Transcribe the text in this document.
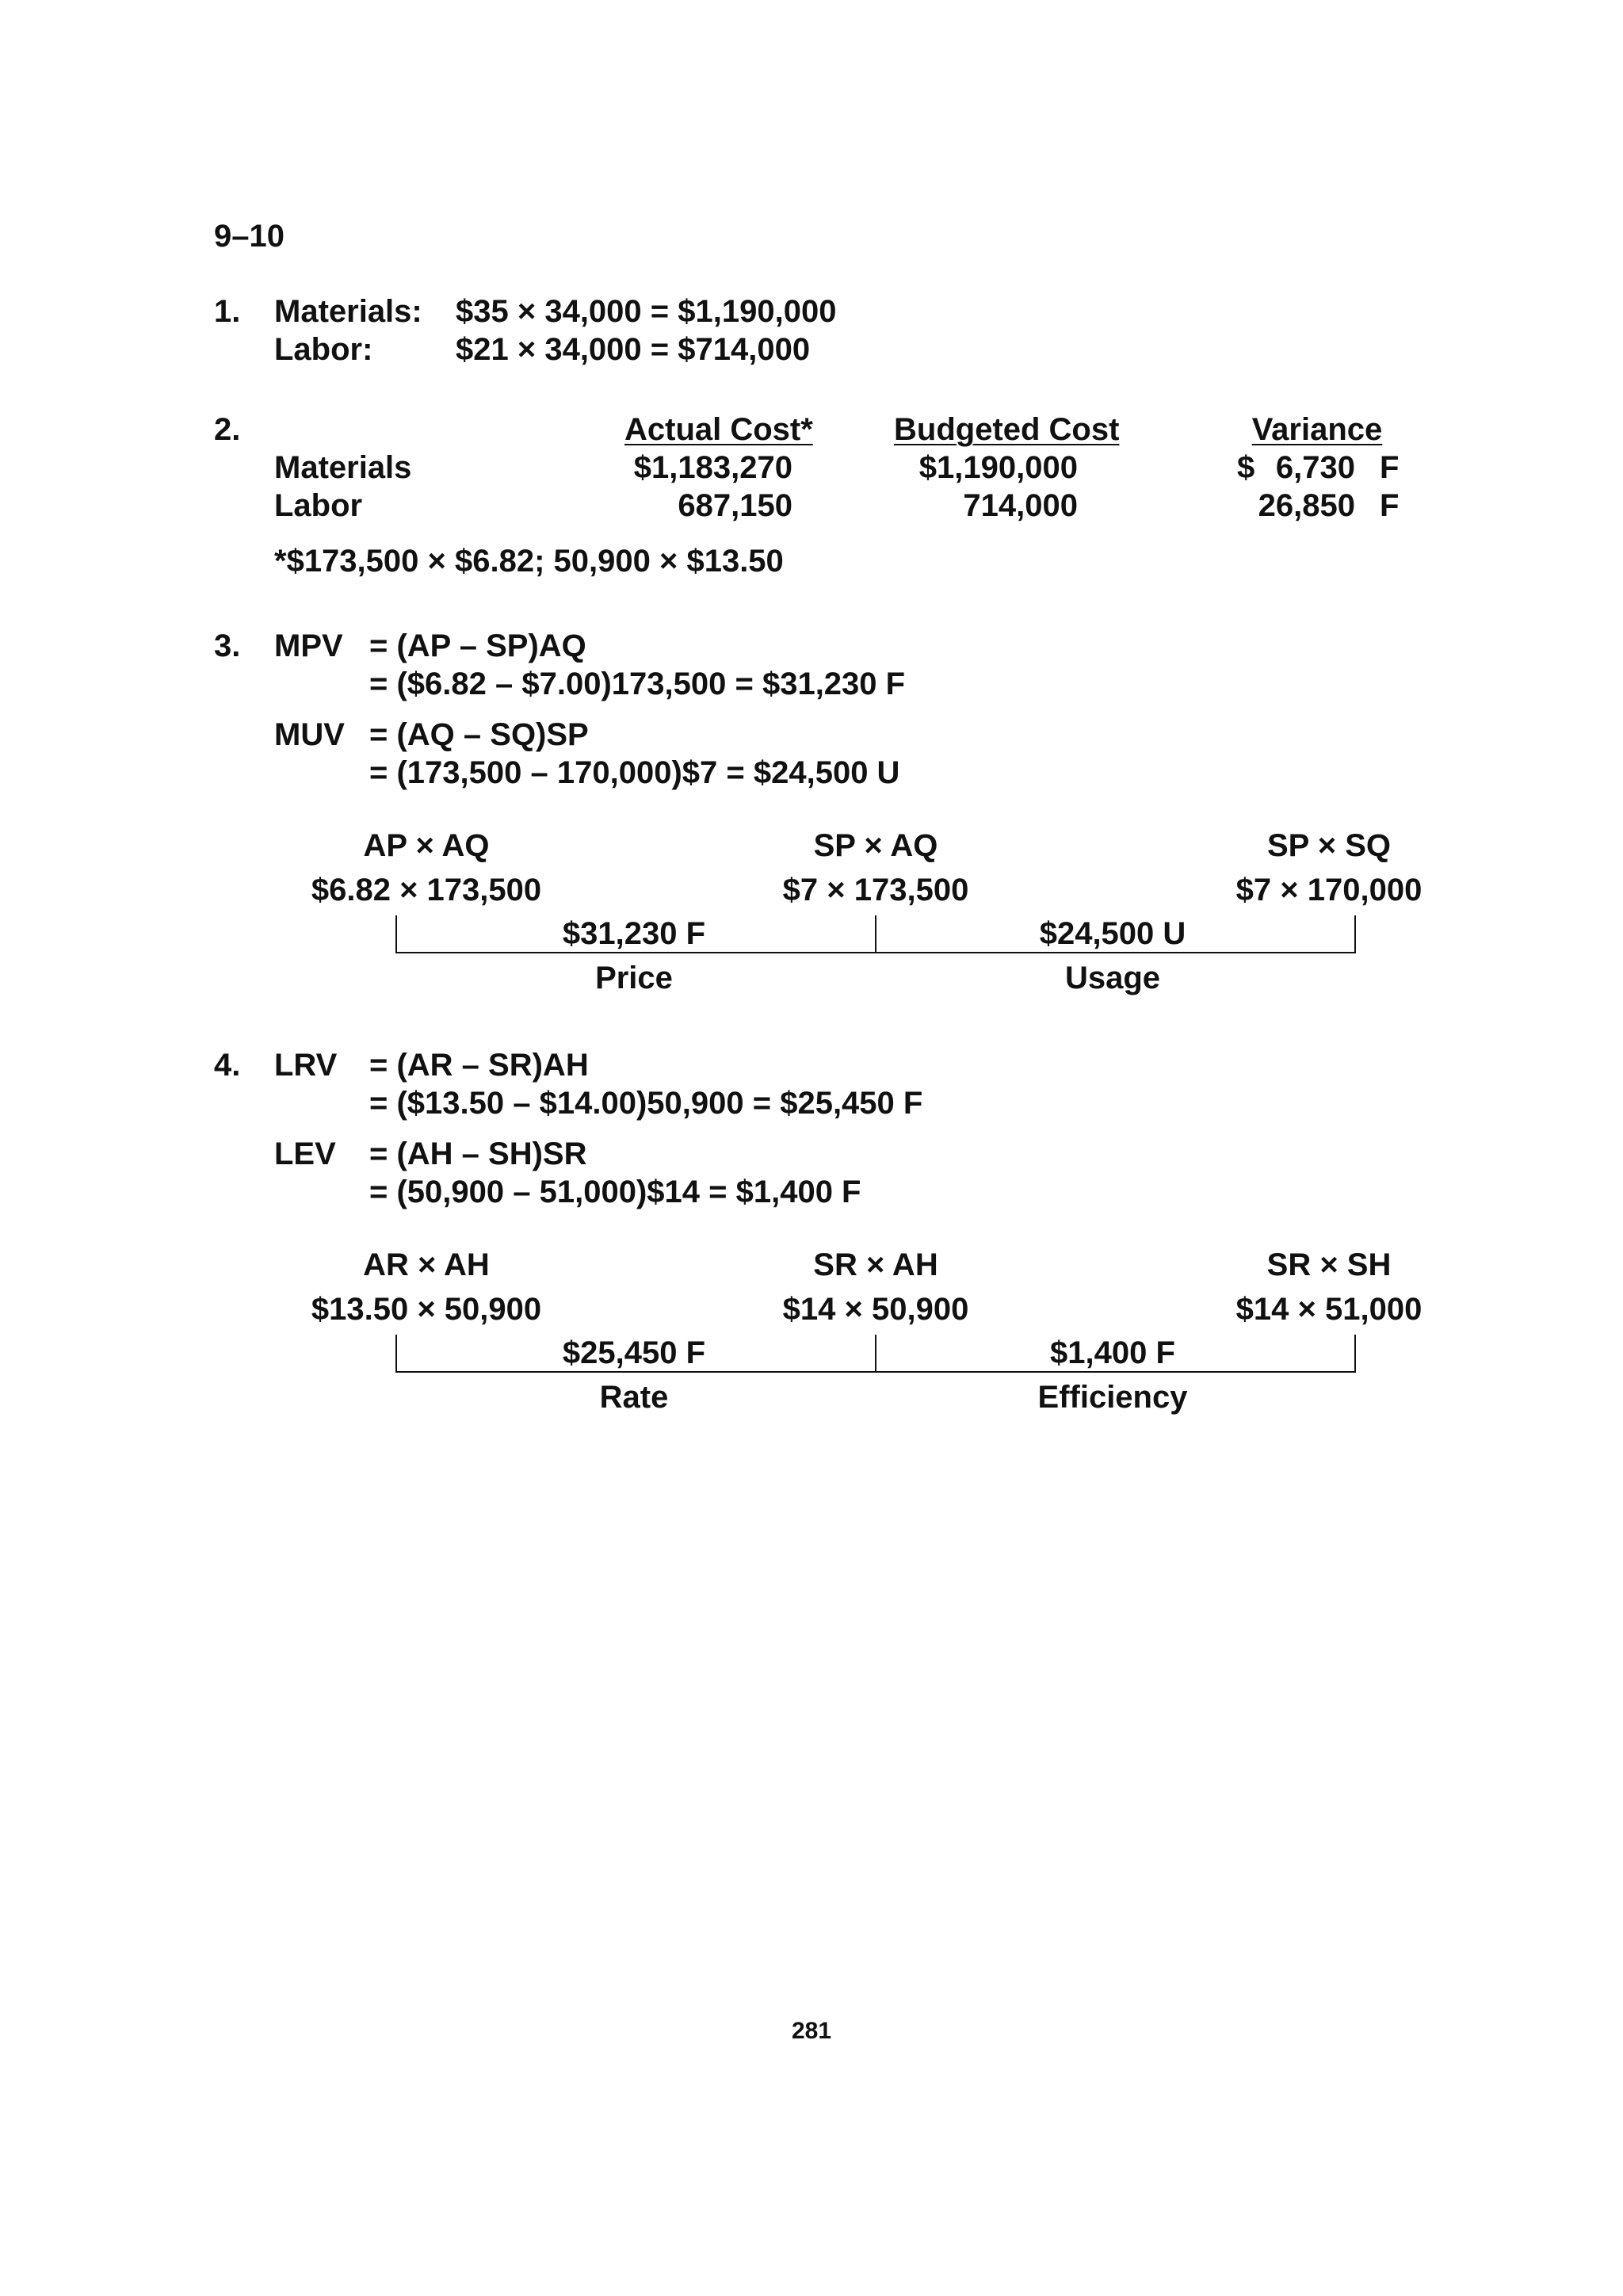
9–10
1. Materials: $35 × 34,000 = $1,190,000
Labor:	$21 × 34,000 = $714,000
2.	Actual Cost*	Budgeted Cost	Variance
Materials	$1,183,270	$1,190,000	$ 6,730 F
Labor	687,150	714,000	26,850 F
*$173,500 × $6.82; 50,900 × $13.50
3. MPV = (AP – SP)AQ
= ($6.82 – $7.00)173,500 = $31,230 F
MUV = (AQ – SQ)SP
= (173,500 – 170,000)$7 = $24,500 U
AP × AQ	SP × AQ	SP × SQ
$6.82 × 173,500	$7 × 173,500	$7 × 170,000
$31,230 F	$24,500 U
Price	Usage
4. LRV = (AR – SR)AH
= ($13.50 – $14.00)50,900 = $25,450 F
LEV = (AH – SH)SR
= (50,900 – 51,000)$14 = $1,400 F
AR × AH	SR × AH	SR × SH
$13.50 × 50,900	$14 × 50,900	$14 × 51,000
$25,450 F	$1,400 F
Rate	Efficiency
281
